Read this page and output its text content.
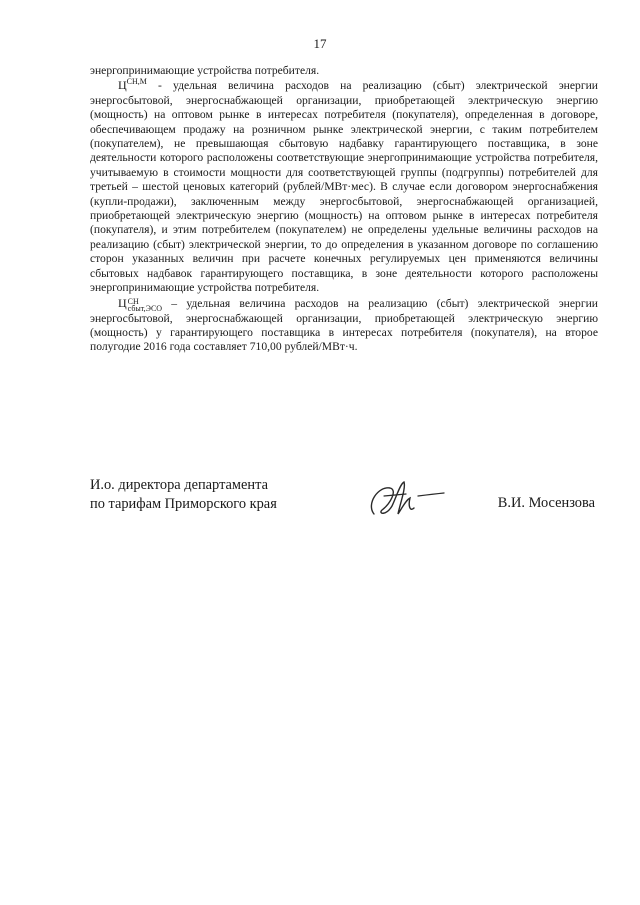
17

энергопринимающие устройства потребителя.

$Ц^{СН,М}$ - удельная величина расходов на реализацию (сбыт) электрической энергии энергосбытовой, энергоснабжающей организации, приобретающей электрическую энергию (мощность) на оптовом рынке в интересах потребителя (покупателя), определенная в договоре, обеспечивающем продажу на розничном рынке электрической энергии, с таким потребителем (покупателем), не превышающая сбытовую надбавку гарантирующего поставщика, в зоне деятельности которого расположены соответствующие энергопринимающие устройства потребителя, учитываемую в стоимости мощности для соответствующей группы (подгруппы) потребителей для третьей – шестой ценовых категорий (рублей/МВт·мес). В случае если договором энергоснабжения (купли-продажи), заключенным между энергосбытовой, энергоснабжающей организацией, приобретающей электрическую энергию (мощность) на оптовом рынке в интересах потребителя (покупателя), и этим потребителем (покупателем) не определены удельные величины расходов на реализацию (сбыт) электрической энергии, то до определения в указанном договоре по соглашению сторон указанных величин при расчете конечных регулируемых цен применяются величины сбытовых надбавок гарантирующего поставщика, в зоне деятельности которого расположены энергопринимающие устройства потребителя.

Ц СН
сбыт,ЭСО – удельная величина расходов на реализацию (сбыт) электрической энергии энергосбытовой, энергоснабжающей организации, приобретающей электрическую энергию (мощность) у гарантирующего поставщика в интересах потребителя (покупателя), на второе полугодие 2016 года составляет 710,00 рублей/МВт·ч.

И.о. директора департамента
по тарифам Приморского края	В.И. Мосензова
